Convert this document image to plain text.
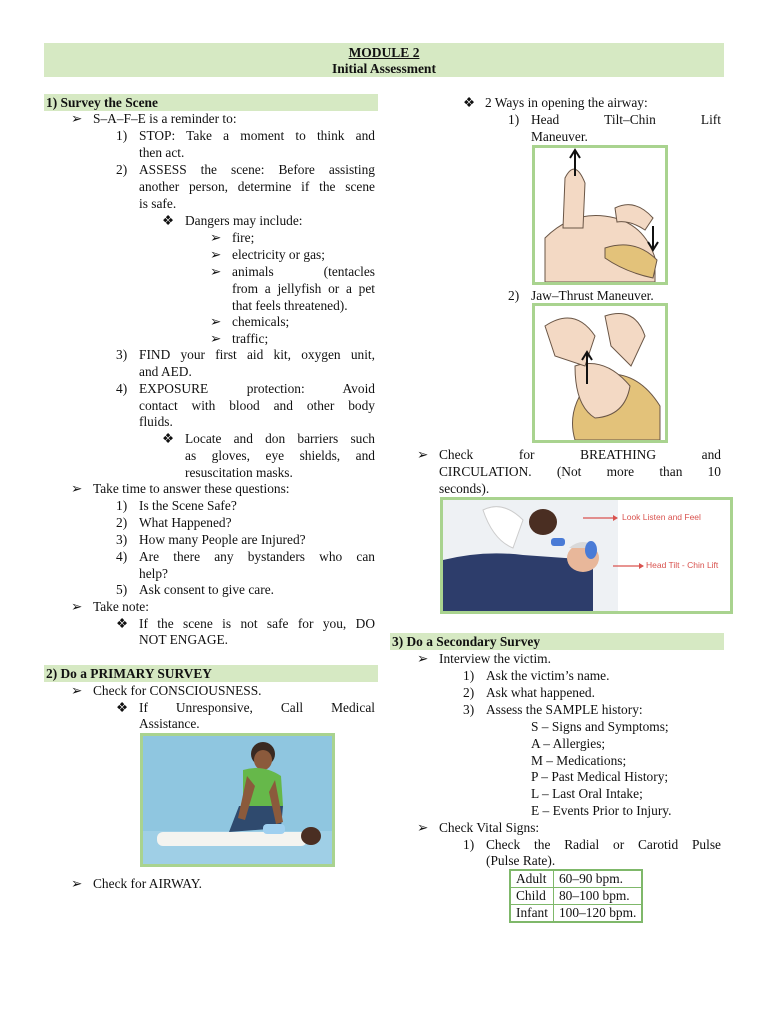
MODULE 2
Initial Assessment
1) Survey the Scene
➢
S–A–F–E is a reminder to:
1) STOP: Take a moment to think and
then act.
2) ASSESS the scene: Before assisting
another person, determine if the scene
is safe.
❖
Dangers may include:
➢
fire;
➢
electricity or gas;
➢
animals (tentacles
from a jellyfish or a pet
that feels threatened).
➢
chemicals;
➢
traffic;
3) FIND your first aid kit, oxygen unit,
and AED.
4) EXPOSURE protection: Avoid
contact with blood and other body
fluids.
❖
Locate and don barriers such
as gloves, eye shields, and
resuscitation masks.
➢
Take time to answer these questions:
1) Is the Scene Safe?
2) What Happened?
3) How many People are Injured?
4) Are there any bystanders who can
help?
5) Ask consent to give care.
➢
Take note:
❖
If the scene is not safe for you, DO
NOT ENGAGE.
2) Do a PRIMARY SURVEY
➢
Check for CONSCIOUSNESS.
❖
If Unresponsive, Call Medical
Assistance.
➢
Check for AIRWAY.
❖
2 Ways in opening the airway:
1) Head Tilt–Chin Lift
Maneuver.
2) Jaw–Thrust Maneuver.
➢
Check for BREATHING and
CIRCULATION. (Not more than 10
seconds).
Look Listen and Feel
Head Tilt - Chin Lift
3) Do a Secondary Survey
➢
Interview the victim.
1) Ask the victim’s name.
2) Ask what happened.
3) Assess the SAMPLE history:
S – Signs and Symptoms;
A – Allergies;
M – Medications;
P – Past Medical History;
L – Last Oral Intake;
E – Events Prior to Injury.
➢
Check Vital Signs:
1) Check the Radial or Carotid Pulse
(Pulse Rate).
Adult	60–90 bpm.
Child	80–100 bpm.
Infant	100–120 bpm.
